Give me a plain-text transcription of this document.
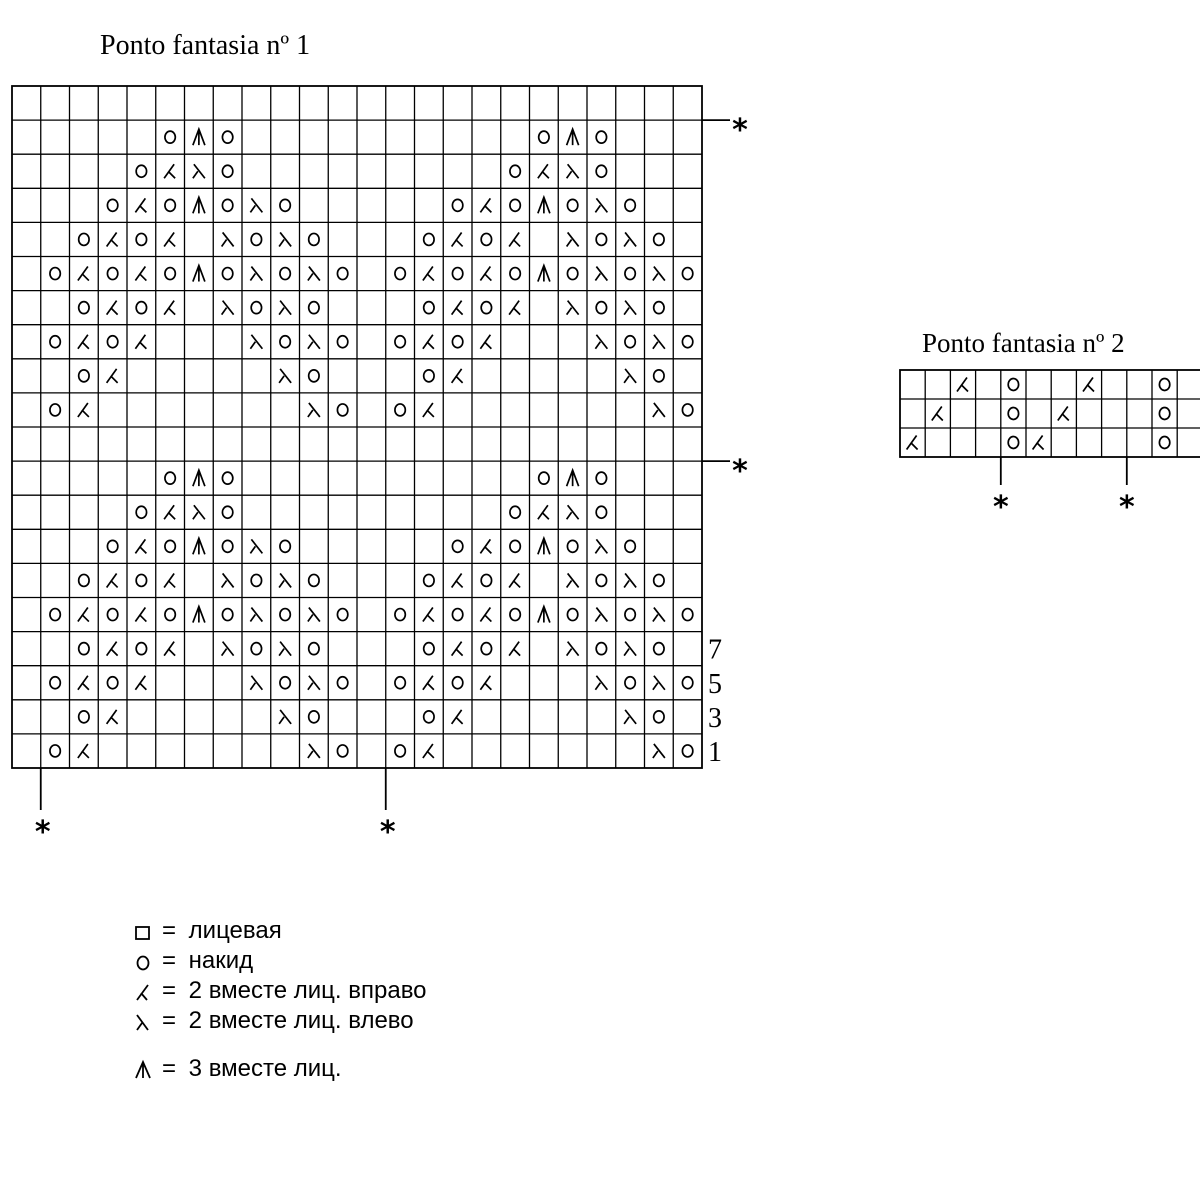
Ponto fantasia nº 1
Ponto fantasia nº 2
7
5
3
1
*
*
*	*
*	*
= лицевая
= накид
= 2 вместе лиц. вправо
= 2 вместе лиц. влево
= 3 вместе лиц.
